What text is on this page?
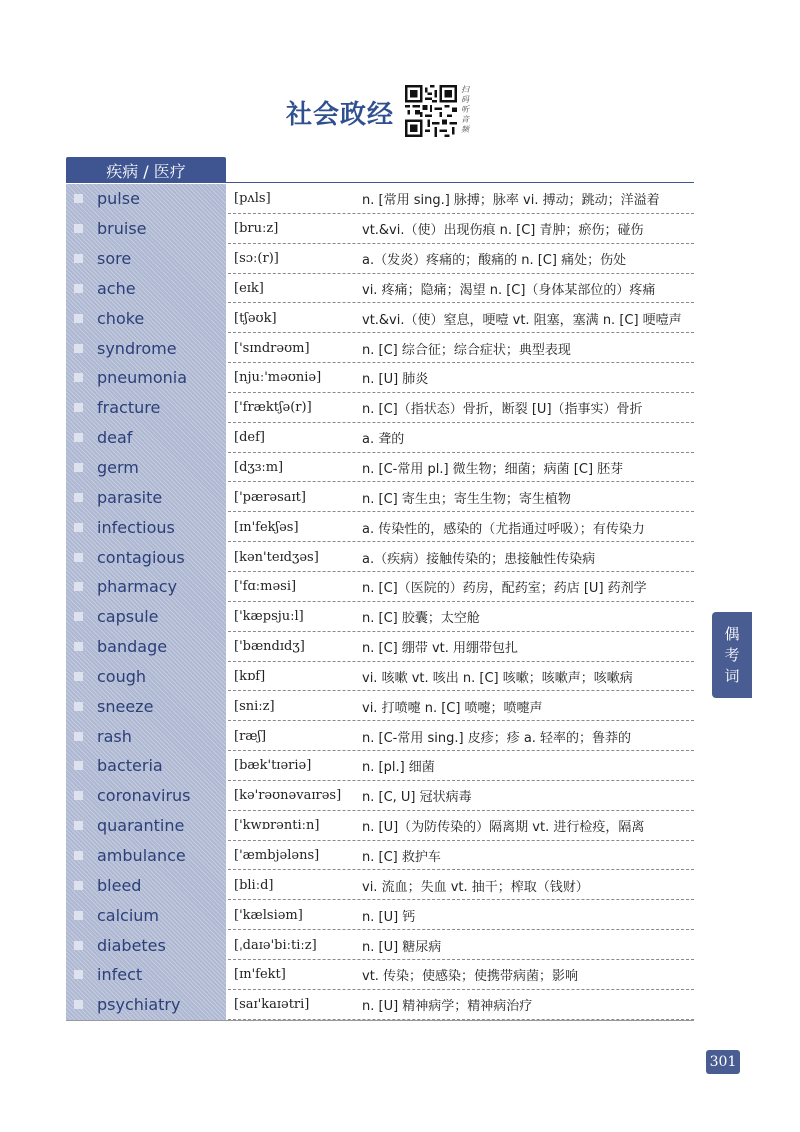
社会政经
扫码听音频
疾病 / 医疗
pulse	[pʌls]	n. [常用 sing.] 脉搏；脉率 vi. 搏动；跳动；洋溢着
bruise	[bruːz]	vt.&vi.（使）出现伤痕 n. [C] 青肿；瘀伤；碰伤
sore	[sɔː(r)]	a.（发炎）疼痛的；酸痛的 n. [C] 痛处；伤处
ache	[eɪk]	vi. 疼痛；隐痛；渴望 n. [C]（身体某部位的）疼痛
choke	[tʃəʊk]	vt.&vi.（使）窒息，哽噎 vt. 阻塞，塞满 n. [C] 哽噎声
syndrome	['sɪndrəʊm]	n. [C] 综合征；综合症状；典型表现
pneumonia	[njuː'məʊniə]	n. [U] 肺炎
fracture	['fræktʃə(r)]	n. [C]（指状态）骨折，断裂 [U]（指事实）骨折
deaf	[def]	a. 聋的
germ	[dʒɜːm]	n. [C-常用 pl.] 微生物；细菌；病菌 [C] 胚芽
parasite	['pærəsaɪt]	n. [C] 寄生虫；寄生生物；寄生植物
infectious	[ɪn'fekʃəs]	a. 传染性的，感染的（尤指通过呼吸）；有传染力
contagious	[kən'teɪdʒəs]	a.（疾病）接触传染的；患接触性传染病
pharmacy	['fɑːməsi]	n. [C]（医院的）药房，配药室；药店 [U] 药剂学
capsule	['kæpsjuːl]	n. [C] 胶囊；太空舱
bandage	['bændɪdʒ]	n. [C] 绷带 vt. 用绷带包扎
cough	[kɒf]	vi. 咳嗽 vt. 咳出 n. [C] 咳嗽；咳嗽声；咳嗽病
sneeze	[sniːz]	vi. 打喷嚏 n. [C] 喷嚏；喷嚏声
rash	[ræʃ]	n. [C-常用 sing.] 皮疹；疹 a. 轻率的；鲁莽的
bacteria	[bæk'tɪəriə]	n. [pl.] 细菌
coronavirus	[kə'rəʊnəvaɪrəs] n. [C, U] 冠状病毒
quarantine	['kwɒrəntiːn]	n. [U]（为防传染的）隔离期 vt. 进行检疫，隔离
ambulance	['æmbjələns]	n. [C] 救护车
bleed	[bliːd]	vi. 流血；失血 vt. 抽干；榨取（钱财）
calcium	['kælsiəm]	n. [U] 钙
diabetes	[ˌdaɪə'biːtiːz]	n. [U] 糖尿病
infect	[ɪn'fekt]	vt. 传染；使感染；使携带病菌；影响
psychiatry	[saɪ'kaɪətri]	n. [U] 精神病学；精神病治疗
偶
考
词
301
